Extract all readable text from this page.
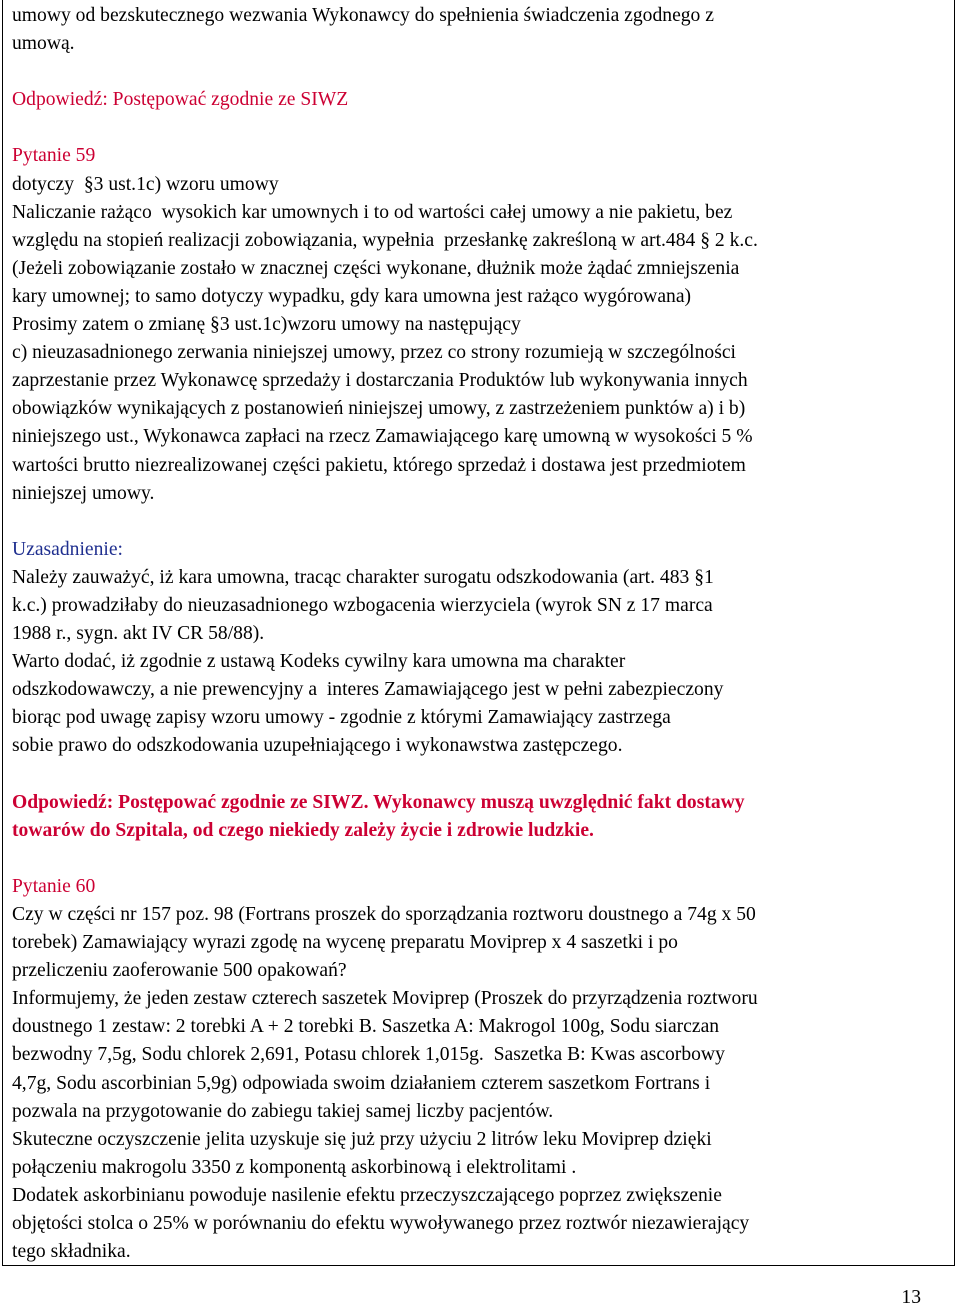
umowy od bezskutecznego wezwania Wykonawcy do spełnienia świadczenia zgodnego z

umową.

Odpowiedź: Postępować zgodnie ze SIWZ

Pytanie 59

dotyczy  §3 ust.1c) wzoru umowy

Naliczanie rażąco  wysokich kar umownych i to od wartości całej umowy a nie pakietu, bez

względu na stopień realizacji zobowiązania, wypełnia  przesłankę zakreśloną w art.484 § 2 k.c.

(Jeżeli zobowiązanie zostało w znacznej części wykonane, dłużnik może żądać zmniejszenia

kary umownej; to samo dotyczy wypadku, gdy kara umowna jest rażąco wygórowana)

Prosimy zatem o zmianę §3 ust.1c)wzoru umowy na następujący

c) nieuzasadnionego zerwania niniejszej umowy, przez co strony rozumieją w szczególności

zaprzestanie przez Wykonawcę sprzedaży i dostarczania Produktów lub wykonywania innych

obowiązków wynikających z postanowień niniejszej umowy, z zastrzeżeniem punktów a) i b)

niniejszego ust., Wykonawca zapłaci na rzecz Zamawiającego karę umowną w wysokości 5 %

wartości brutto niezrealizowanej części pakietu, którego sprzedaż i dostawa jest przedmiotem

niniejszej umowy.

Uzasadnienie:

Należy zauważyć, iż kara umowna, tracąc charakter surogatu odszkodowania (art. 483 §1

k.c.) prowadziłaby do nieuzasadnionego wzbogacenia wierzyciela (wyrok SN z 17 marca

1988 r., sygn. akt IV CR 58/88).

Warto dodać, iż zgodnie z ustawą Kodeks cywilny kara umowna ma charakter

odszkodowawczy, a nie prewencyjny a  interes Zamawiającego jest w pełni zabezpieczony

biorąc pod uwagę zapisy wzoru umowy - zgodnie z którymi Zamawiający zastrzega

sobie prawo do odszkodowania uzupełniającego i wykonawstwa zastępczego.

Odpowiedź: Postępować zgodnie ze SIWZ. Wykonawcy muszą uwzględnić fakt dostawy

towarów do Szpitala, od czego niekiedy zależy życie i zdrowie ludzkie.

Pytanie 60

Czy w części nr 157 poz. 98 (Fortrans proszek do sporządzania roztworu doustnego a 74g x 50

torebek) Zamawiający wyrazi zgodę na wycenę preparatu Moviprep x 4 saszetki i po

przeliczeniu zaoferowanie 500 opakowań?

Informujemy, że jeden zestaw czterech saszetek Moviprep (Proszek do przyrządzenia roztworu

doustnego 1 zestaw: 2 torebki A + 2 torebki B. Saszetka A: Makrogol 100g, Sodu siarczan

bezwodny 7,5g, Sodu chlorek 2,691, Potasu chlorek 1,015g.  Saszetka B: Kwas ascorbowy

4,7g, Sodu ascorbinian 5,9g) odpowiada swoim działaniem czterem saszetkom Fortrans i

pozwala na przygotowanie do zabiegu takiej samej liczby pacjentów.

Skuteczne oczyszczenie jelita uzyskuje się już przy użyciu 2 litrów leku Moviprep dzięki

połączeniu makrogolu 3350 z komponentą askorbinową i elektrolitami .

Dodatek askorbinianu powoduje nasilenie efektu przeczyszczającego poprzez zwiększenie

objętości stolca o 25% w porównaniu do efektu wywoływanego przez roztwór niezawierający

tego składnika.

13
